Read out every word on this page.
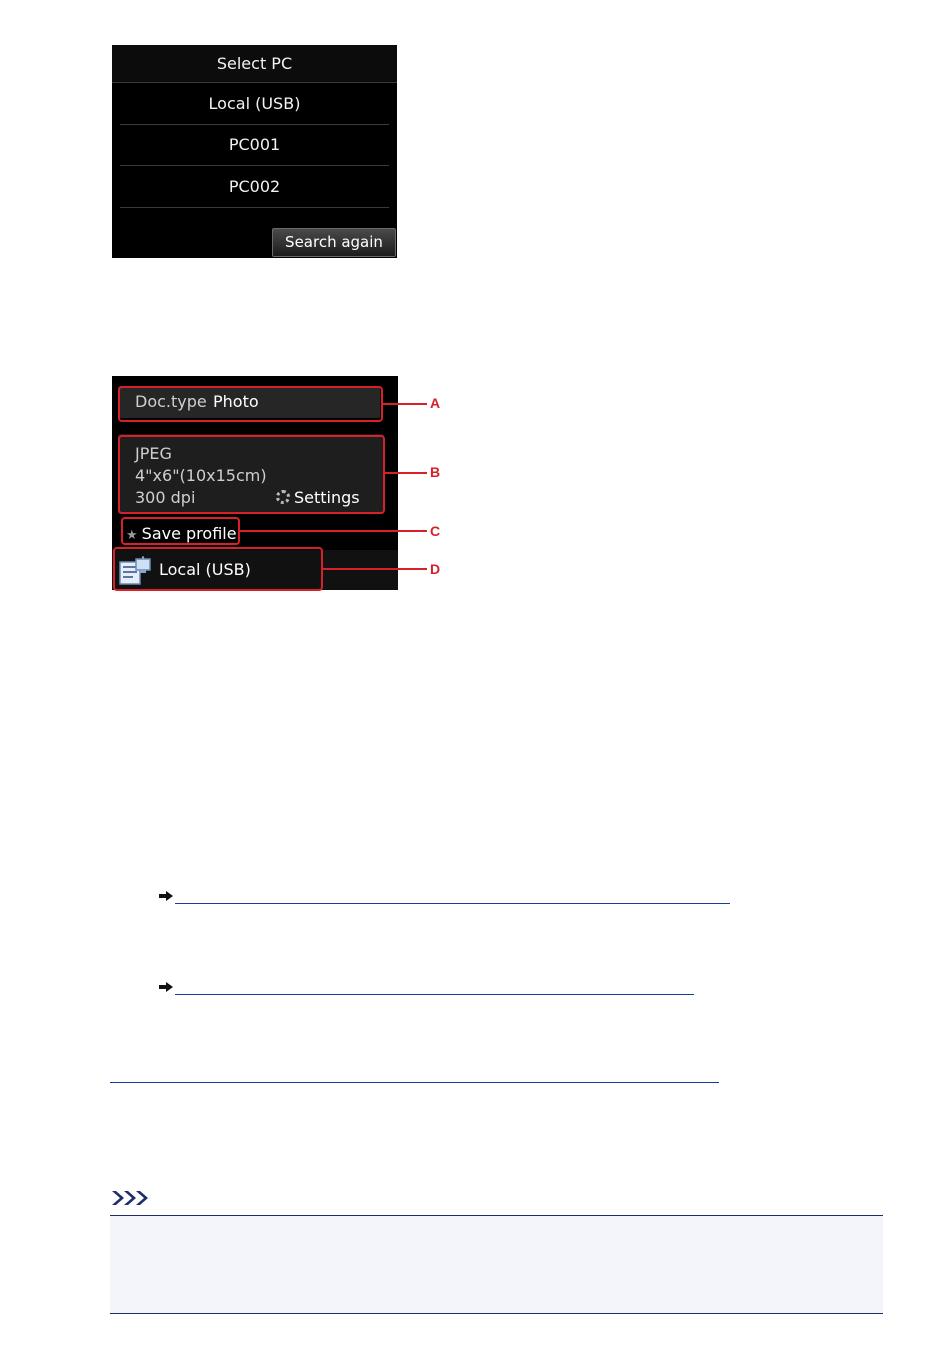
Select PC
Local (USB)
PC001
PC002
Search again
Doc.type Photo
JPEG
4"x6"(10x15cm)
300 dpi	Settings
★ Save profile
Local (USB)
A
B
C
D
